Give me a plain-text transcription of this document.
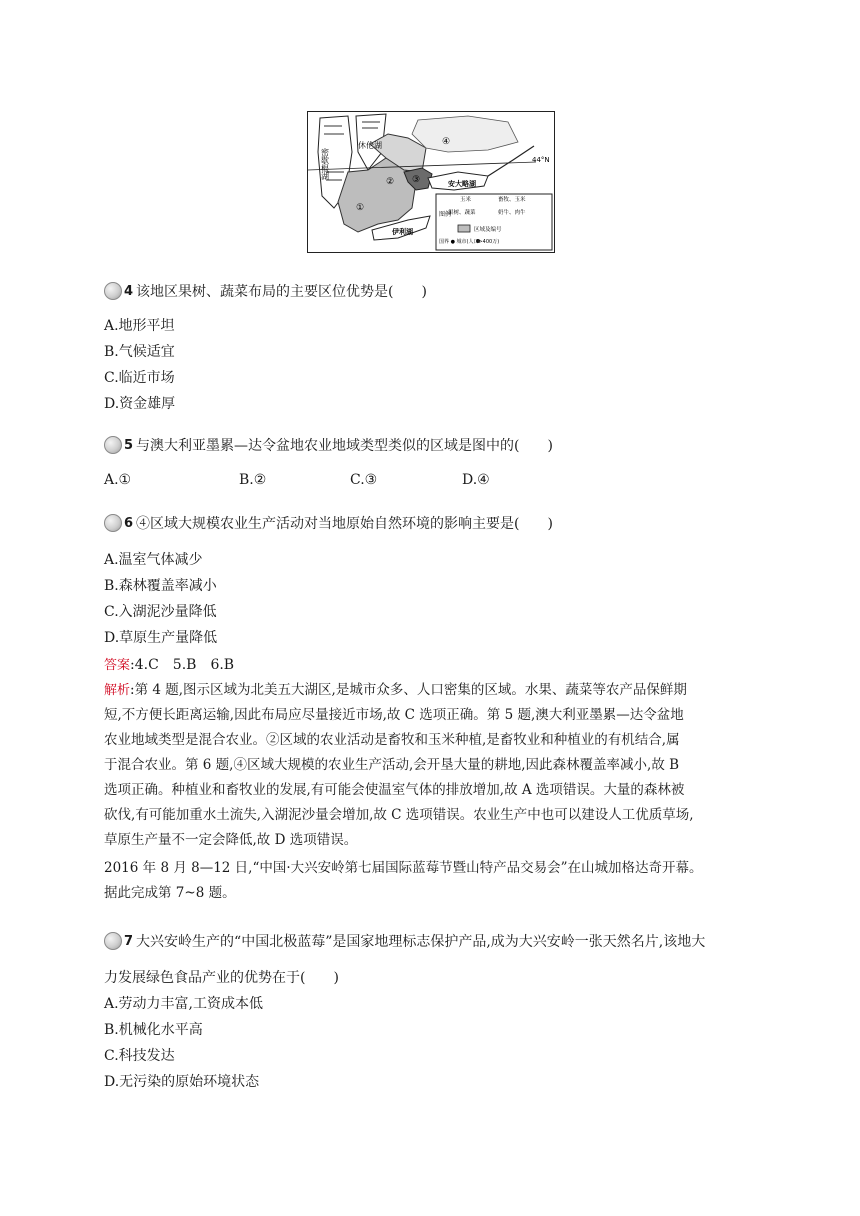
密歇根湖
休伦湖
安大略湖
伊利湖
44°N
①
② ③
④
图例
玉米	畜牧、玉米
果树、蔬菜	奶牛、肉牛
区域及编号
国界 ● 城市(人口>400万)
4 该地区果树、蔬菜布局的主要区位优势是(　　)
A.地形平坦
B.气候适宜
C.临近市场
D.资金雄厚
5 与澳大利亚墨累—达令盆地农业地域类型类似的区域是图中的(　　)
A.①	B.②	C.③	D.④
6 ④区域大规模农业生产活动对当地原始自然环境的影响主要是(　　)
A.温室气体减少
B.森林覆盖率减小
C.入湖泥沙量降低
D.草原生产量降低
答案:4.C　5.B　6.B
解析:第 4 题,图示区域为北美五大湖区,是城市众多、人口密集的区域。水果、蔬菜等农产品保鲜期
短,不方便长距离运输,因此布局应尽量接近市场,故 C 选项正确。第 5 题,澳大利亚墨累—达令盆地
农业地域类型是混合农业。②区域的农业活动是畜牧和玉米种植,是畜牧业和种植业的有机结合,属
于混合农业。第 6 题,④区域大规模的农业生产活动,会开垦大量的耕地,因此森林覆盖率减小,故 B
选项正确。种植业和畜牧业的发展,有可能会使温室气体的排放增加,故 A 选项错误。大量的森林被
砍伐,有可能加重水土流失,入湖泥沙量会增加,故 C 选项错误。农业生产中也可以建设人工优质草场,
草原生产量不一定会降低,故 D 选项错误。
2016 年 8 月 8—12 日,“中国·大兴安岭第七届国际蓝莓节暨山特产品交易会”在山城加格达奇开幕。
据此完成第 7~8 题。
7 大兴安岭生产的“中国北极蓝莓”是国家地理标志保护产品,成为大兴安岭一张天然名片,该地大
力发展绿色食品产业的优势在于(　　)
A.劳动力丰富,工资成本低
B.机械化水平高
C.科技发达
D.无污染的原始环境状态
